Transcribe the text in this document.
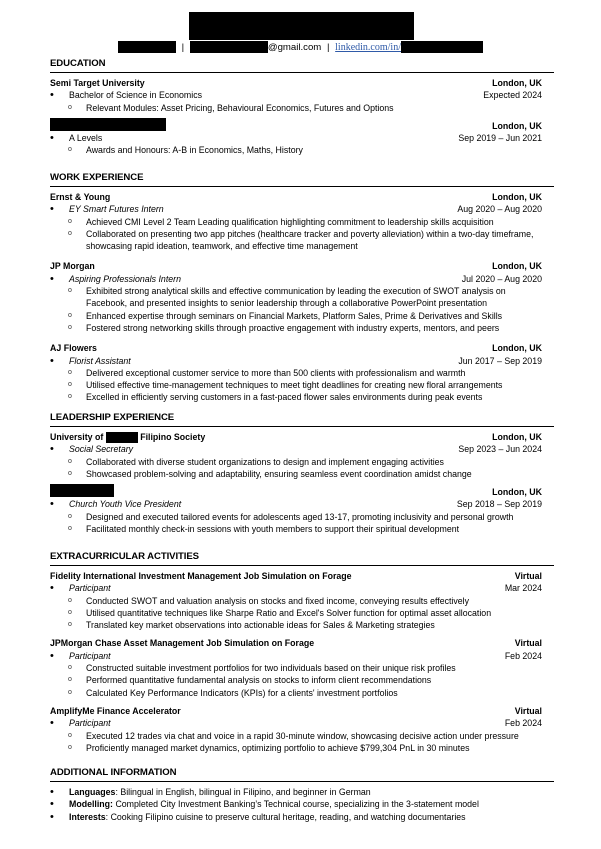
|	@gmail.com | linkedin.com/in/
EDUCATION
Semi Target University	London, UK
• Bachelor of Science in Economics	Expected 2024
o Relevant Modules: Asset Pricing, Behavioural Economics, Futures and Options
London, UK
• A Levels	Sep 2019 – Jun 2021
o Awards and Honours: A-B in Economics, Maths, History
WORK EXPERIENCE
Ernst & Young	London, UK
• EY Smart Futures Intern	Aug 2020 – Aug 2020
o Achieved CMI Level 2 Team Leading qualification highlighting commitment to leadership skills acquisition
o Collaborated on presenting two app pitches (healthcare tracker and poverty alleviation) within a two-day timeframe, showcasing rapid ideation, teamwork, and effective time management
JP Morgan	London, UK
• Aspiring Professionals Intern	Jul 2020 – Aug 2020
o Exhibited strong analytical skills and effective communication by leading the execution of SWOT analysis on Facebook, and presented insights to senior leadership through a collaborative PowerPoint presentation
o Enhanced expertise through seminars on Financial Markets, Platform Sales, Prime & Derivatives and Skills
o Fostered strong networking skills through proactive engagement with industry experts, mentors, and peers
AJ Flowers	London, UK
• Florist Assistant	Jun 2017 – Sep 2019
o Delivered exceptional customer service to more than 500 clients with professionalism and warmth
o Utilised effective time-management techniques to meet tight deadlines for creating new floral arrangements
o Excelled in efficiently serving customers in a fast-paced flower sales environments during peak events
LEADERSHIP EXPERIENCE
University of	Filipino Society	London, UK
• Social Secretary	Sep 2023 – Jun 2024
o Collaborated with diverse student organizations to design and implement engaging activities
o Showcased problem-solving and adaptability, ensuring seamless event coordination amidst change
London, UK
• Church Youth Vice President	Sep 2018 – Sep 2019
o Designed and executed tailored events for adolescents aged 13-17, promoting inclusivity and personal growth
o Facilitated monthly check-in sessions with youth members to support their spiritual development
EXTRACURRICULAR ACTIVITIES
Fidelity International Investment Management Job Simulation on Forage	Virtual
• Participant	Mar 2024
o Conducted SWOT and valuation analysis on stocks and fixed income, conveying results effectively
o Utilised quantitative techniques like Sharpe Ratio and Excel's Solver function for optimal asset allocation
o Translated key market observations into actionable ideas for Sales & Marketing strategies
JPMorgan Chase Asset Management Job Simulation on Forage	Virtual
• Participant	Feb 2024
o Constructed suitable investment portfolios for two individuals based on their unique risk profiles
o Performed quantitative fundamental analysis on stocks to inform client recommendations
o Calculated Key Performance Indicators (KPIs) for a clients' investment portfolios
AmplifyMe Finance Accelerator	Virtual
• Participant	Feb 2024
o Executed 12 trades via chat and voice in a rapid 30-minute window, showcasing decisive action under pressure
o Proficiently managed market dynamics, optimizing portfolio to achieve $799,304 PnL in 30 minutes
ADDITIONAL INFORMATION
• Languages: Bilingual in English, bilingual in Filipino, and beginner in German
• Modelling: Completed City Investment Banking’s Technical course, specializing in the 3-statement model
• Interests: Cooking Filipino cuisine to preserve cultural heritage, reading, and watching documentaries
